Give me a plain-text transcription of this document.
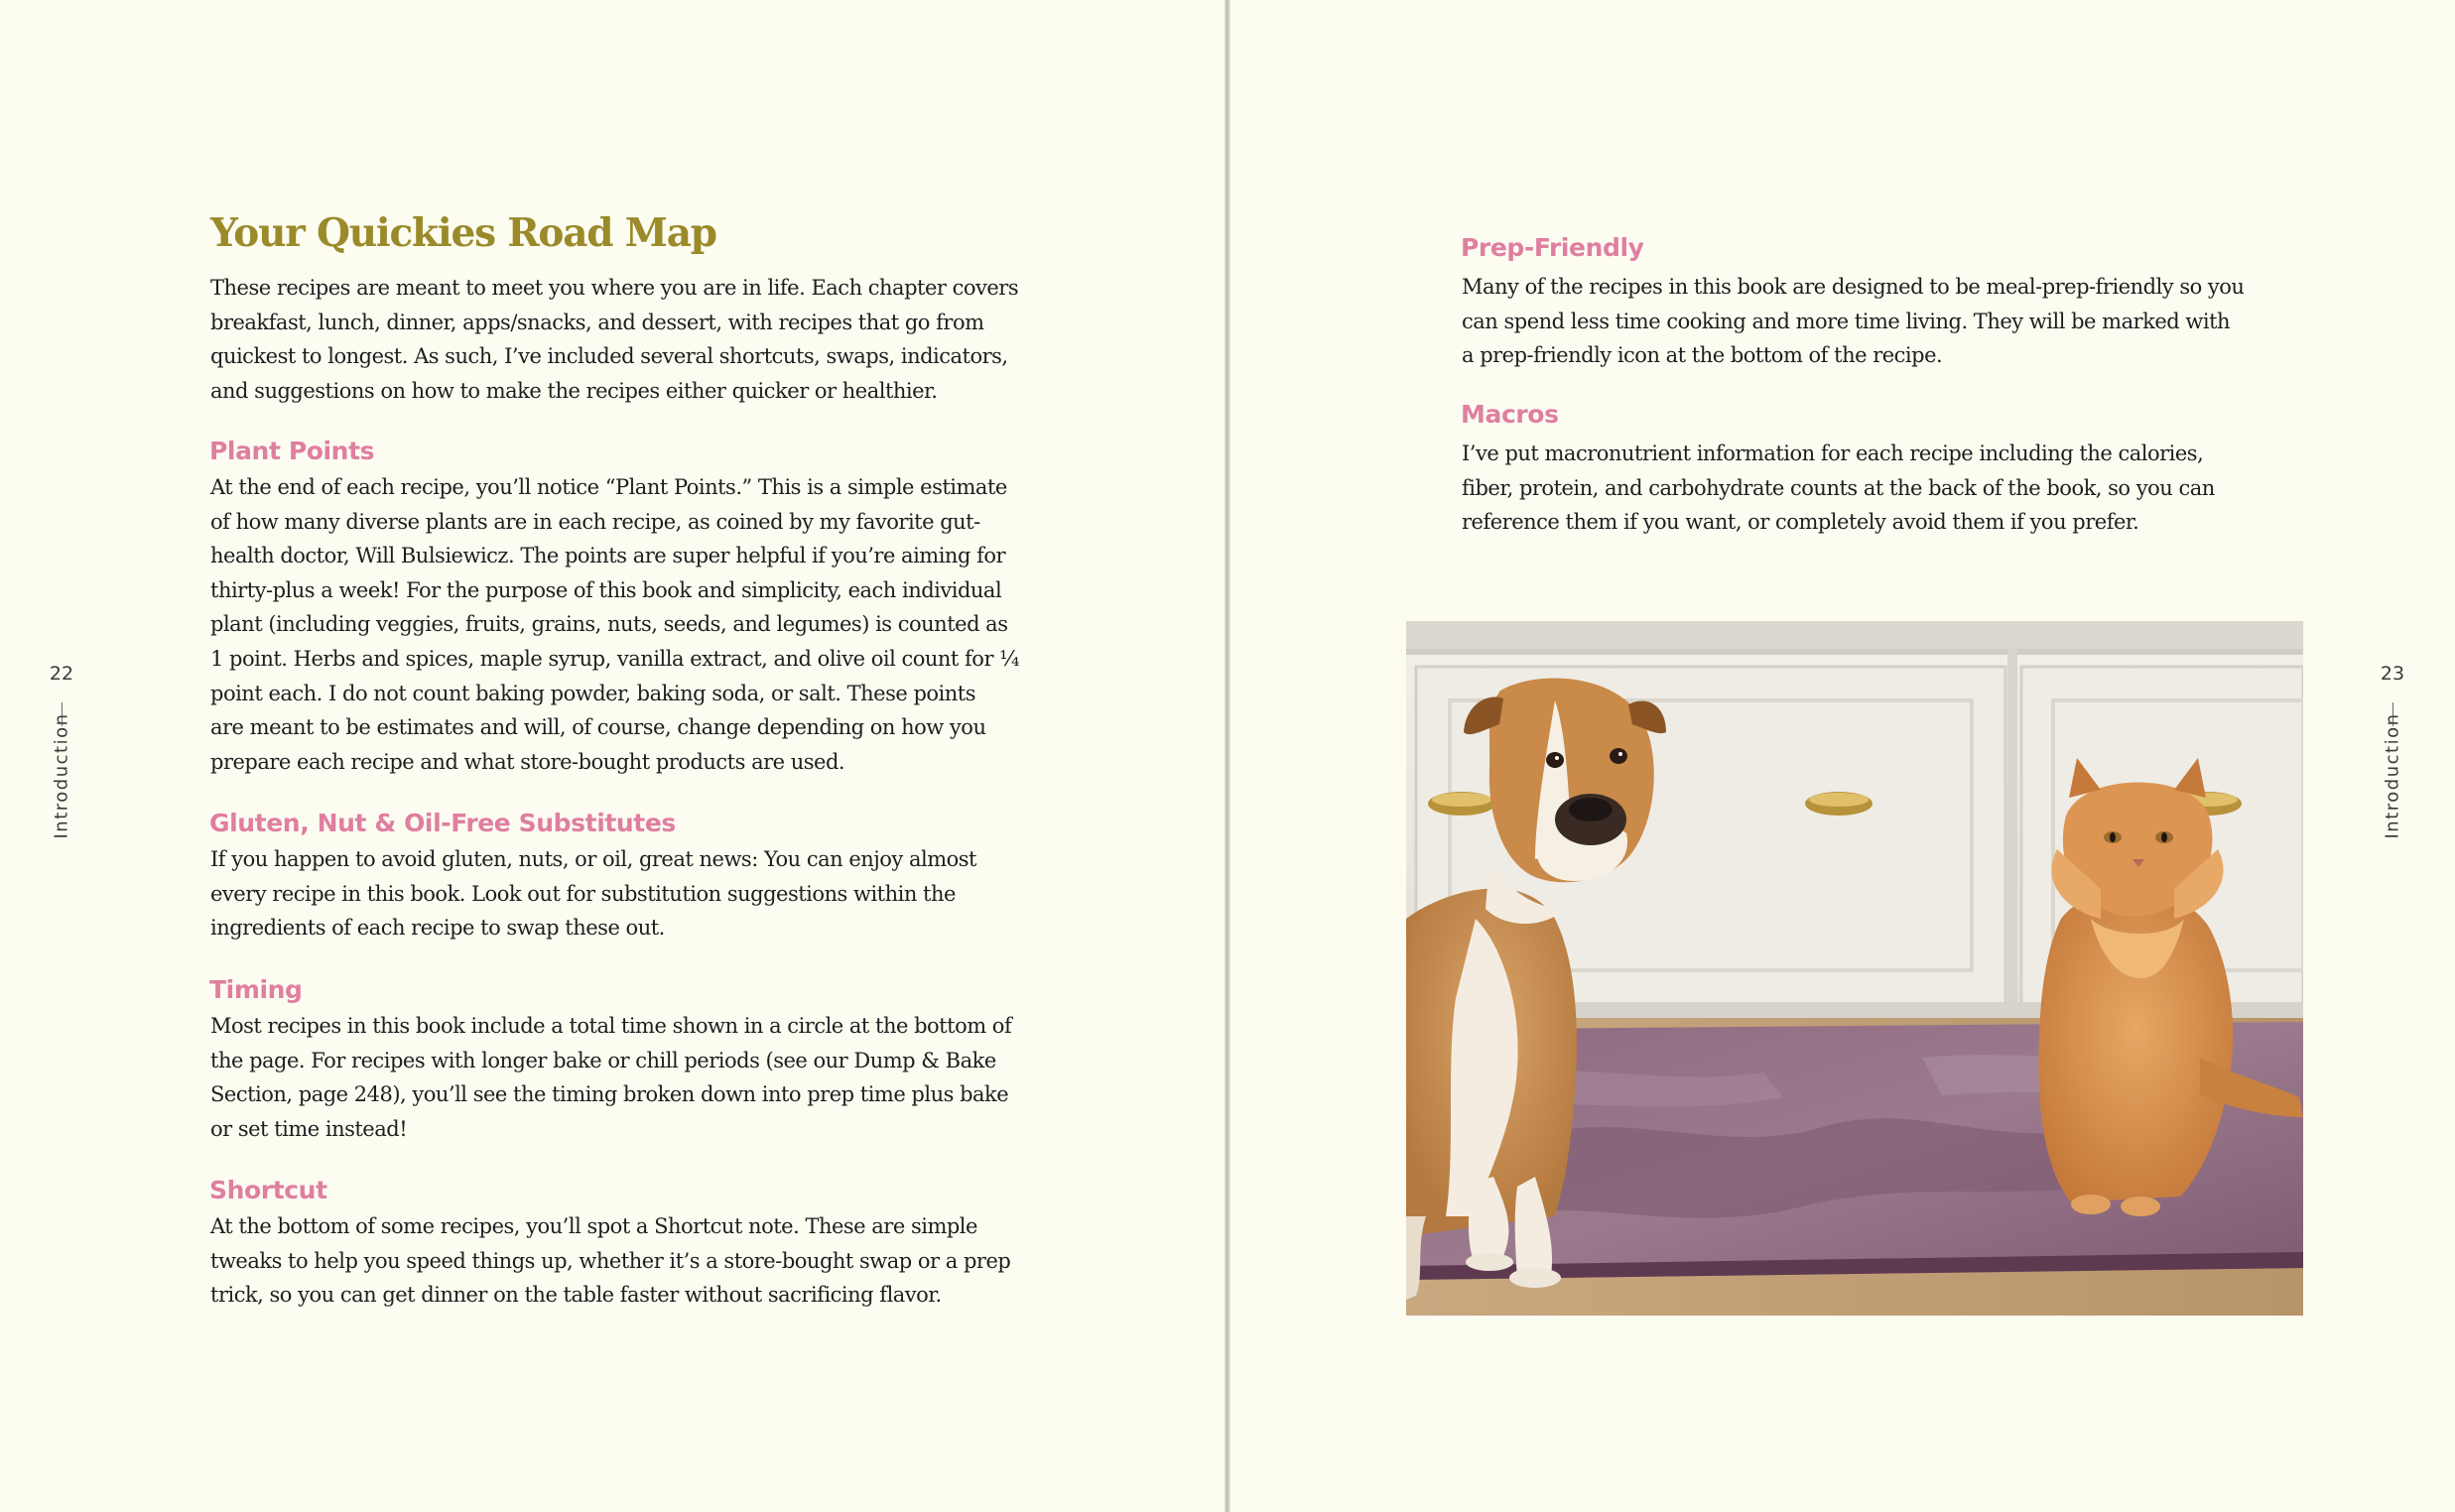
Your Quickies Road Map
These recipes are meant to meet you where you are in life. Each chapter covers
breakfast, lunch, dinner, apps/snacks, and dessert, with recipes that go from
quickest to longest. As such, I’ve included several shortcuts, swaps, indicators,
and suggestions on how to make the recipes either quicker or healthier.
Plant Points
At the end of each recipe, you’ll notice “Plant Points.” This is a simple estimate
of how many diverse plants are in each recipe, as coined by my favorite gut-
health doctor, Will Bulsiewicz. The points are super helpful if you’re aiming for
thirty-plus a week! For the purpose of this book and simplicity, each individual
plant (including veggies, fruits, grains, nuts, seeds, and legumes) is counted as
1 point. Herbs and spices, maple syrup, vanilla extract, and olive oil count for ¼
point each. I do not count baking powder, baking soda, or salt. These points
are meant to be estimates and will, of course, change depending on how you
prepare each recipe and what store-bought products are used.
Gluten, Nut & Oil-Free Substitutes
If you happen to avoid gluten, nuts, or oil, great news: You can enjoy almost
every recipe in this book. Look out for substitution suggestions within the
ingredients of each recipe to swap these out.
Timing
Most recipes in this book include a total time shown in a circle at the bottom of
the page. For recipes with longer bake or chill periods (see our Dump & Bake
Section, page 248), you’ll see the timing broken down into prep time plus bake
or set time instead!
Shortcut
At the bottom of some recipes, you’ll spot a Shortcut note. These are simple
tweaks to help you speed things up, whether it’s a store-bought swap or a prep
trick, so you can get dinner on the table faster without sacrificing flavor.
22
Introduction
Prep-Friendly
Many of the recipes in this book are designed to be meal-prep-friendly so you
can spend less time cooking and more time living. They will be marked with
a prep-friendly icon at the bottom of the recipe.
Macros
I’ve put macronutrient information for each recipe including the calories,
fiber, protein, and carbohydrate counts at the back of the book, so you can
reference them if you want, or completely avoid them if you prefer.
23
Introduction
